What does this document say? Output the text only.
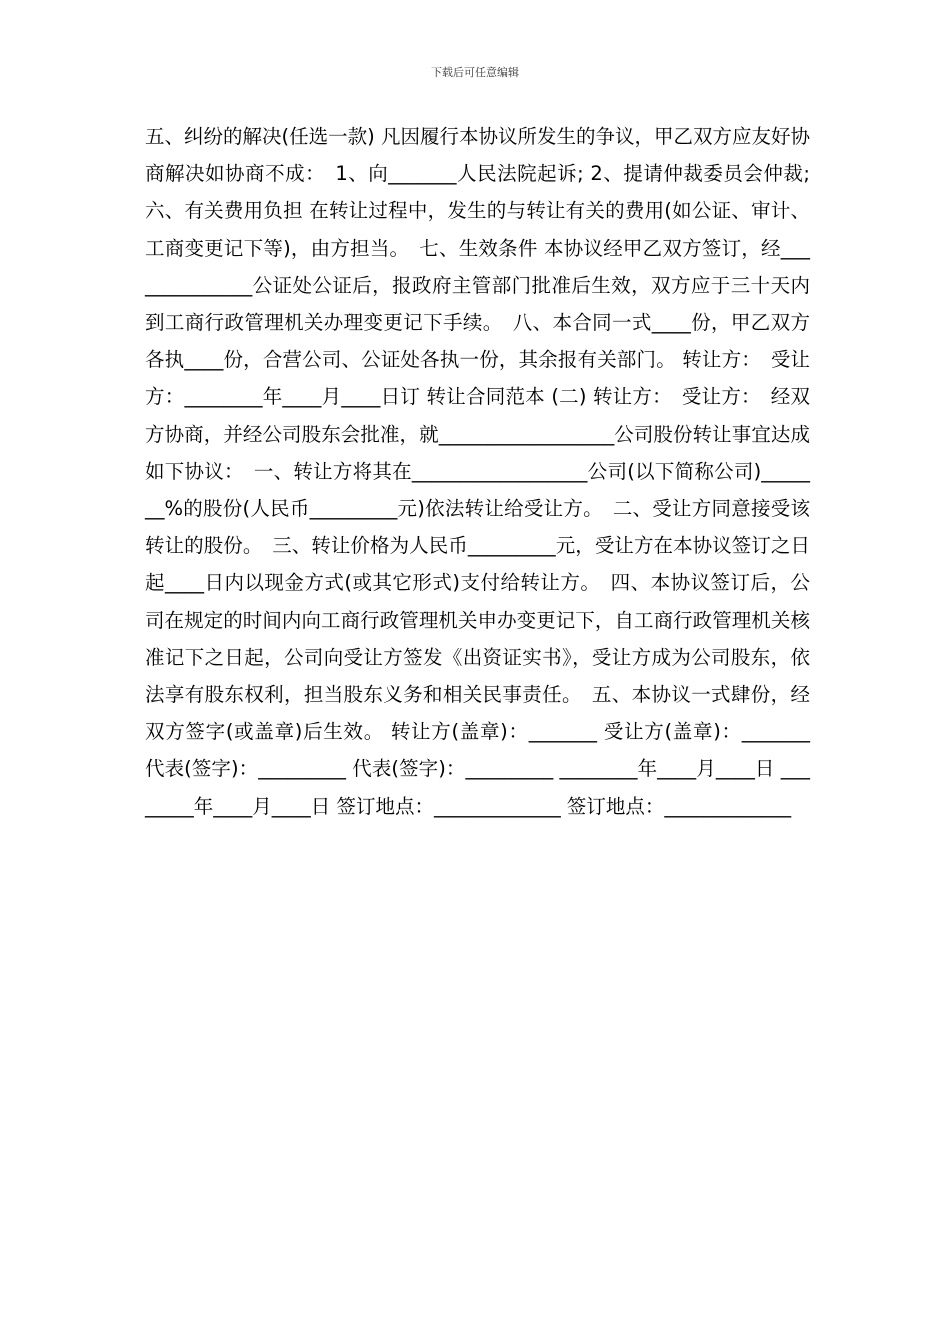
下载后可任意编辑

五、纠纷的解决(任选一款) 凡因履行本协议所发生的争议，甲乙双方应友好协商解决如协商不成：　1、向_______人民法院起诉; 2、提请仲裁委员会仲裁; 六、有关费用负担 在转让过程中，发生的与转让有关的费用(如公证、审计、工商变更记下等)，由方担当。　七、生效条件 本协议经甲乙双方签订，经______________公证处公证后，报政府主管部门批准后生效，双方应于三十天内到工商行政管理机关办理变更记下手续。　八、本合同一式____份，甲乙双方各执____份，合营公司、公证处各执一份，其余报有关部门。 转让方：　受让方：________年____月____日订 转让合同范本 (二) 转让方：　受让方：　经双方协商，并经公司股东会批准，就__________________公司股份转让事宜达成如下协议：　一、转让方将其在__________________公司(以下简称公司)_______%的股份(人民币_________元)依法转让给受让方。　二、受让方同意接受该转让的股份。　三、转让价格为人民币_________元，受让方在本协议签订之日起____日内以现金方式(或其它形式)支付给转让方。　四、本协议签订后，公司在规定的时间内向工商行政管理机关申办变更记下，自工商行政管理机关核准记下之日起，公司向受让方签发《出资证实书》，受让方成为公司股东，依法享有股东权利，担当股东义务和相关民事责任。　五、本协议一式肆份，经双方签字(或盖章)后生效。 转让方(盖章)：_______ 受让方(盖章)：_______ 代表(签字)：_________ 代表(签字)：_________ ________年____月____日 ________年____月____日 签订地点：_____________ 签订地点：_____________
